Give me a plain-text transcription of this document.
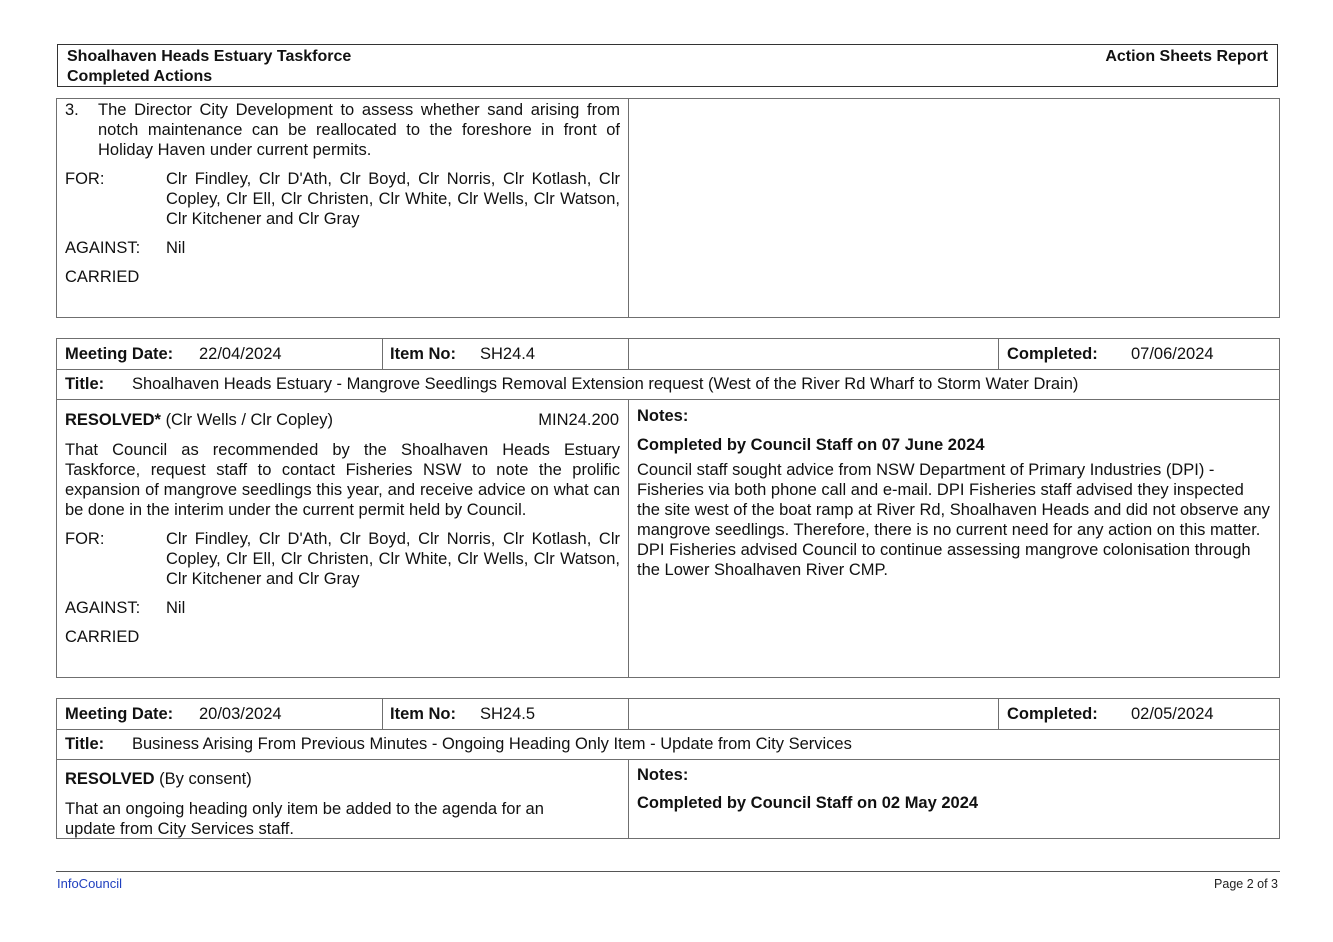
Shoalhaven Heads Estuary Taskforce
Completed Actions
Action Sheets Report
3. The Director City Development to assess whether sand arising from notch maintenance can be reallocated to the foreshore in front of Holiday Haven under current permits.
FOR:	Clr Findley, Clr D'Ath, Clr Boyd, Clr Norris, Clr Kotlash, Clr Copley, Clr Ell, Clr Christen, Clr White, Clr Wells, Clr Watson, Clr Kitchener and Clr Gray
AGAINST: Nil
CARRIED
Meeting Date: 22/04/2024	Item No: SH24.4	Completed: 07/06/2024
Title: Shoalhaven Heads Estuary - Mangrove Seedlings Removal Extension request (West of the River Rd Wharf to Storm Water Drain)
RESOLVED* (Clr Wells / Clr Copley)	MIN24.200
That Council as recommended by the Shoalhaven Heads Estuary Taskforce, request staff to contact Fisheries NSW to note the prolific expansion of mangrove seedlings this year, and receive advice on what can be done in the interim under the current permit held by Council.
FOR:	Clr Findley, Clr D'Ath, Clr Boyd, Clr Norris, Clr Kotlash, Clr Copley, Clr Ell, Clr Christen, Clr White, Clr Wells, Clr Watson, Clr Kitchener and Clr Gray
AGAINST: Nil
CARRIED
Notes:
Completed by Council Staff on 07 June 2024
Council staff sought advice from NSW Department of Primary Industries (DPI) - Fisheries via both phone call and e-mail. DPI Fisheries staff advised they inspected the site west of the boat ramp at River Rd, Shoalhaven Heads and did not observe any mangrove seedlings. Therefore, there is no current need for any action on this matter. DPI Fisheries advised Council to continue assessing mangrove colonisation through the Lower Shoalhaven River CMP.
Meeting Date: 20/03/2024	Item No: SH24.5	Completed: 02/05/2024
Title: Business Arising From Previous Minutes - Ongoing Heading Only Item - Update from City Services
RESOLVED (By consent)
That an ongoing heading only item be added to the agenda for an update from City Services staff.
Notes:
Completed by Council Staff on 02 May 2024
InfoCouncil	Page 2 of 3
